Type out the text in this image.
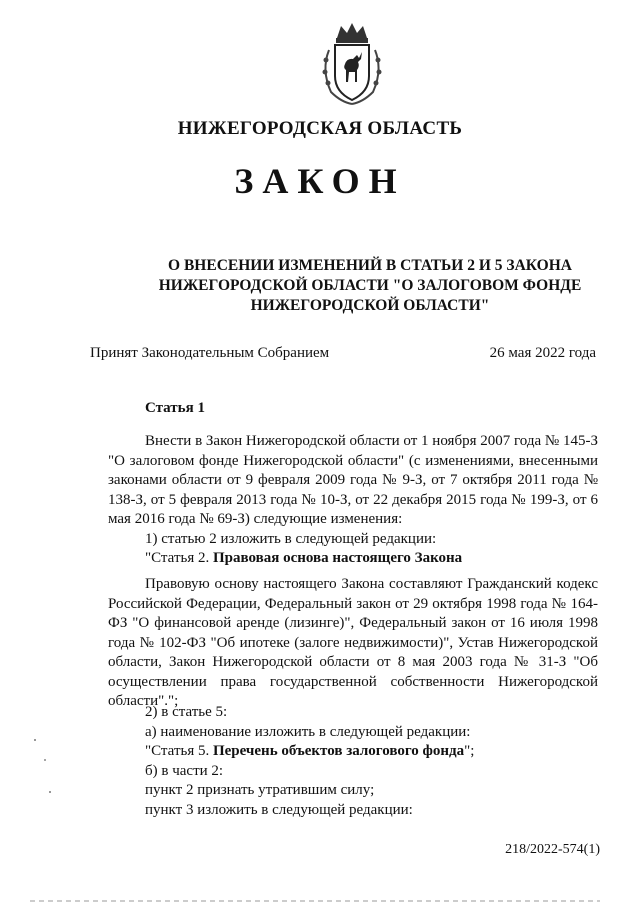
НИЖЕГОРОДСКАЯ ОБЛАСТЬ
ЗАКОН
О ВНЕСЕНИИ ИЗМЕНЕНИЙ В СТАТЬИ 2 И 5 ЗАКОНА
НИЖЕГОРОДСКОЙ ОБЛАСТИ "О ЗАЛОГОВОМ ФОНДЕ
НИЖЕГОРОДСКОЙ ОБЛАСТИ"
Принят Законодательным Собранием	26 мая 2022 года
Статья 1
Внести в Закон Нижегородской области от 1 ноября 2007 года № 145-З "О залоговом фонде Нижегородской области" (с изменениями, внесенными законами области от 9 февраля 2009 года № 9-З, от 7 октября 2011 года № 138-З, от 5 февраля 2013 года № 10-З, от 22 декабря 2015 года № 199-З, от 6 мая 2016 года № 69-З) следующие изменения:
1) статью 2 изложить в следующей редакции:
"Статья 2. Правовая основа настоящего Закона
Правовую основу настоящего Закона составляют Гражданский кодекс Российской Федерации, Федеральный закон от 29 октября 1998 года № 164-ФЗ "О финансовой аренде (лизинге)", Федеральный закон от 16 июля 1998 года № 102-ФЗ "Об ипотеке (залоге недвижимости)", Устав Нижегородской области, Закон Нижегородской области от 8 мая 2003 года № 31-З "Об осуществлении права государственной собственности Нижегородской области".";
2) в статье 5:
а) наименование изложить в следующей редакции:
"Статья 5. Перечень объектов залогового фонда";
б) в части 2:
пункт 2 признать утратившим силу;
пункт 3 изложить в следующей редакции:
218/2022-574(1)
